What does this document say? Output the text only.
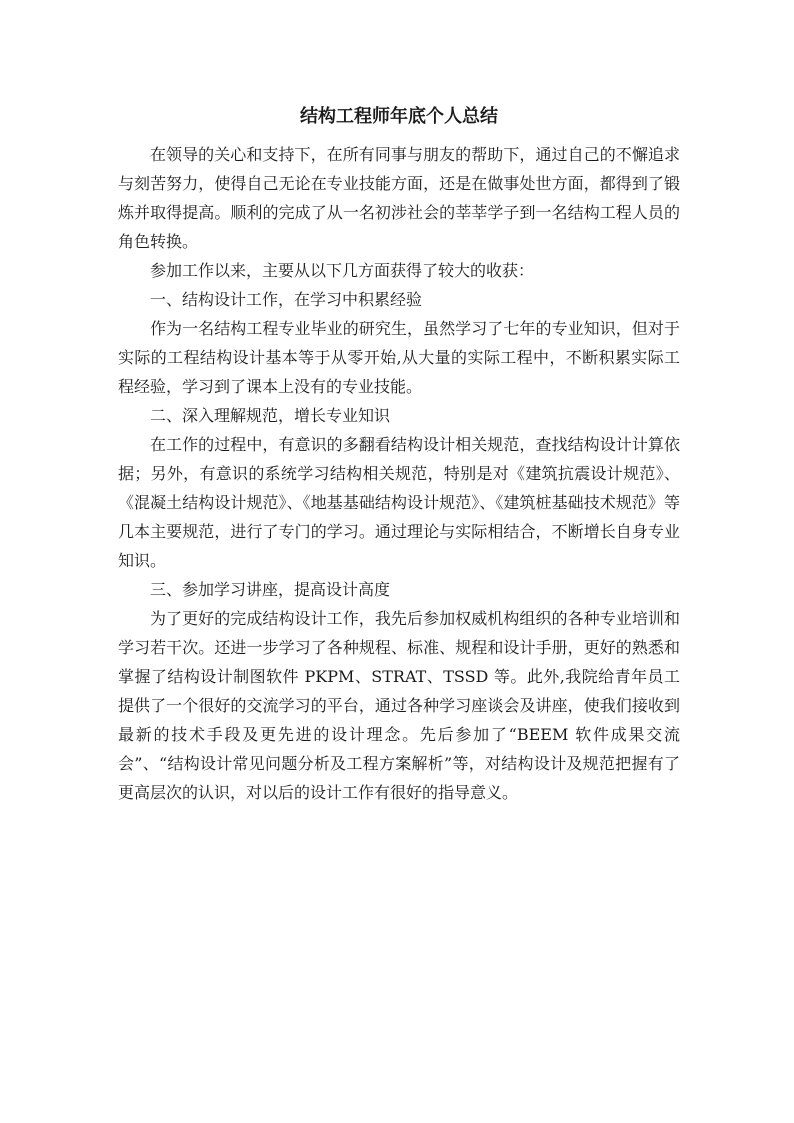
结构工程师年底个人总结

在领导的关心和支持下，在所有同事与朋友的帮助下，通过自己的不懈追求与刻苦努力，使得自己无论在专业技能方面，还是在做事处世方面，都得到了锻炼并取得提高。顺利的完成了从一名初涉社会的莘莘学子到一名结构工程人员的角色转换。

参加工作以来，主要从以下几方面获得了较大的收获：

一、结构设计工作，在学习中积累经验

作为一名结构工程专业毕业的研究生，虽然学习了七年的专业知识，但对于实际的工程结构设计基本等于从零开始,从大量的实际工程中，不断积累实际工程经验，学习到了课本上没有的专业技能。

二、深入理解规范，增长专业知识

在工作的过程中，有意识的多翻看结构设计相关规范，查找结构设计计算依据；另外，有意识的系统学习结构相关规范，特别是对《建筑抗震设计规范》、《混凝土结构设计规范》、《地基基础结构设计规范》、《建筑桩基础技术规范》等几本主要规范，进行了专门的学习。通过理论与实际相结合，不断增长自身专业知识。

三、参加学习讲座，提高设计高度

为了更好的完成结构设计工作，我先后参加权威机构组织的各种专业培训和学习若干次。还进一步学习了各种规程、标准、规程和设计手册，更好的熟悉和掌握了结构设计制图软件 PKPM、STRAT、TSSD 等。此外,我院给青年员工提供了一个很好的交流学习的平台，通过各种学习座谈会及讲座，使我们接收到最新的技术手段及更先进的设计理念。先后参加了“BEEM 软件成果交流会”、“结构设计常见问题分析及工程方案解析”等，对结构设计及规范把握有了更高层次的认识，对以后的设计工作有很好的指导意义。
